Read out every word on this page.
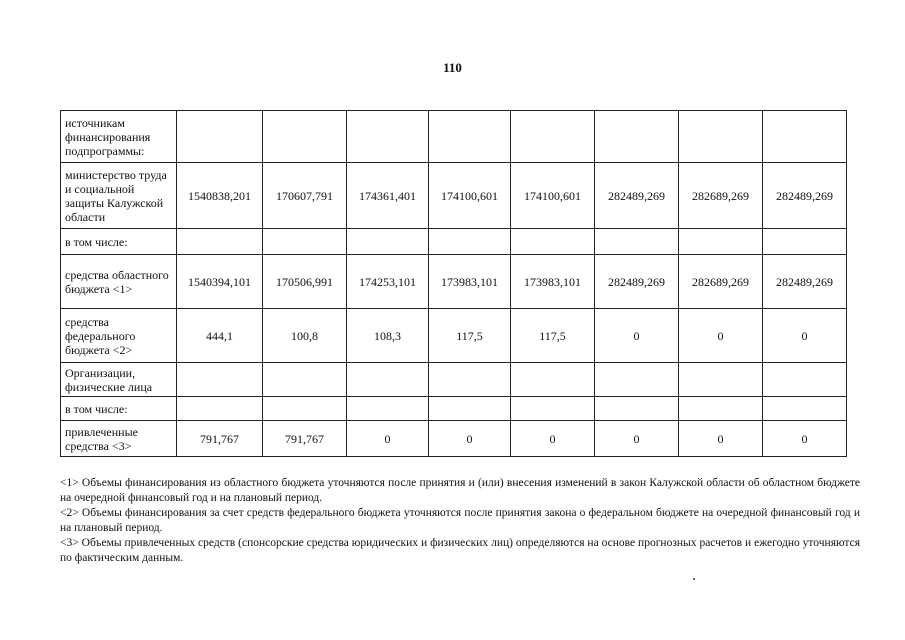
110
источникам финансирования подпрограммы:								
министерство труда и социальной защиты Калужской области	1540838,201	170607,791	174361,401	174100,601	174100,601	282489,269	282689,269	282489,269
в том числе:								
средства областного бюджета <1>	1540394,101	170506,991	174253,101	173983,101	173983,101	282489,269	282689,269	282489,269
средства федерального бюджета <2>	444,1	100,8	108,3	117,5	117,5	0	0	0
Организации, физические лица								
в том числе:								
привлеченные средства <3>	791,767	791,767	0	0	0	0	0	0

<1> Объемы финансирования из областного бюджета уточняются после принятия и (или) внесения изменений в закон Калужской области об областном бюджете на очередной финансовый год и на плановый период.

<2> Объемы финансирования за счет средств федерального бюджета уточняются после принятия закона о федеральном бюджете на очередной финансовый год и на плановый период.

<3> Объемы привлеченных средств (спонсорские средства юридических и физических лиц) определяются на основе прогнозных расчетов и ежегодно уточняются по фактическим данным.
